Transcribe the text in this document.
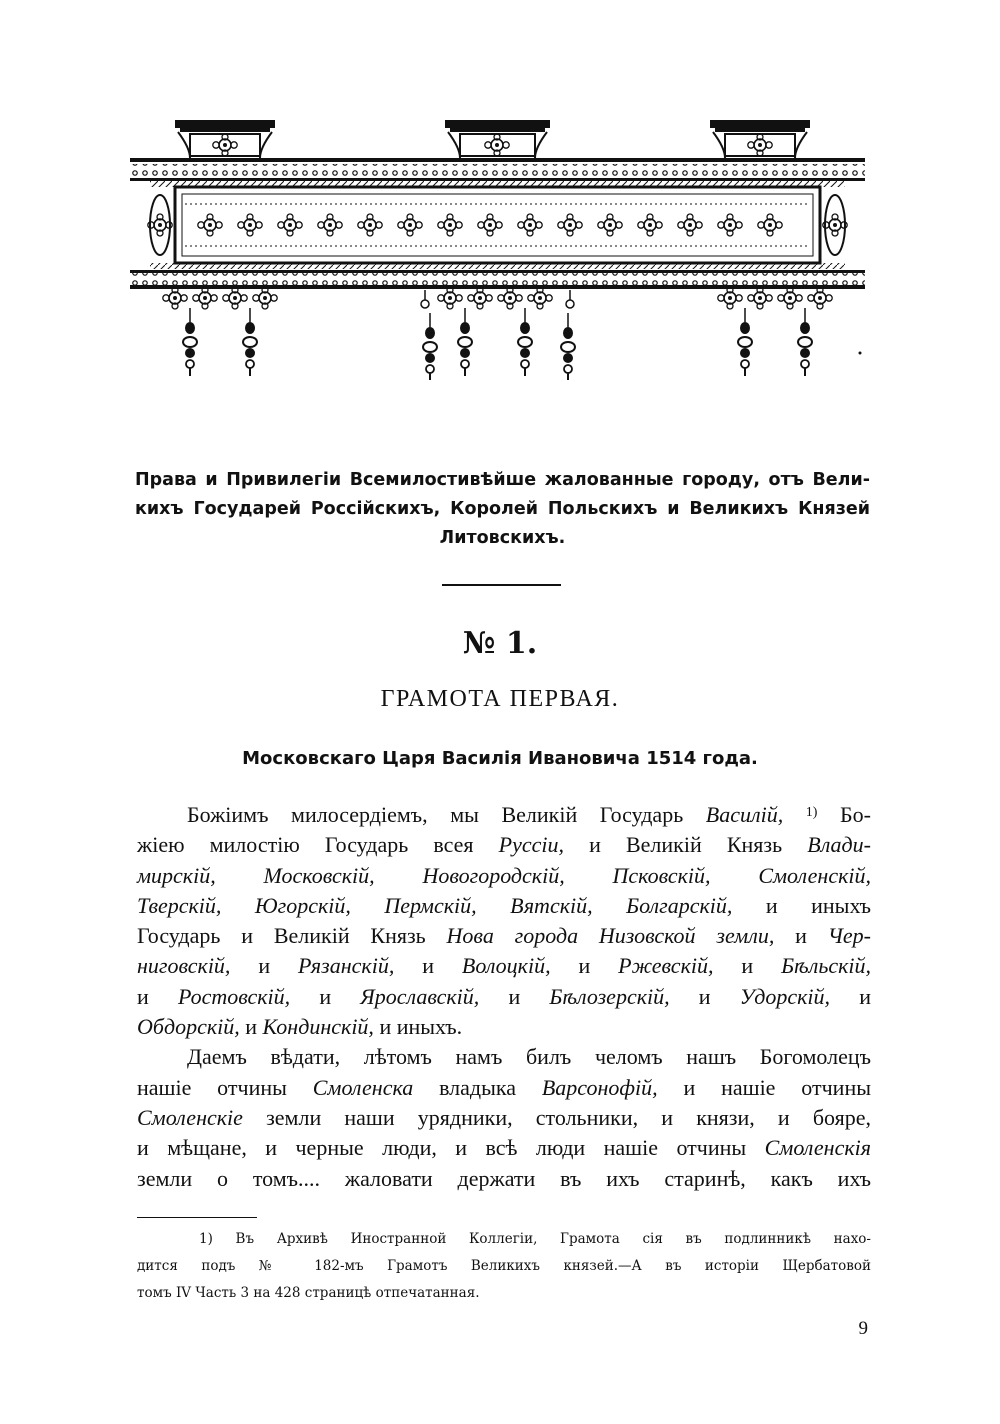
Права и Привилегіи Всемилостивѣйше жалованные городу, отъ Вели-
кихъ Государей Россійскихъ, Королей Польскихъ и Великихъ Князей
Литовскихъ.
№ 1.
ГРАМОТА ПЕРВАЯ.
Московскаго Царя Василія Ивановича 1514 года.
Божіимъ милосердіемъ, мы Великій Государь Василій, $^{1)}$ Бо-
жіею милостію Государь всея Руссіи, и Великій Князь Влади-
мирскій, Московскій, Новогородскій, Псковскій, Смоленскій,
Тверскій, Югорскій, Пермскій, Вятскій, Болгарскій, и иныхъ
Государь и Великій Князь Нова города Низовской земли, и Чер-
ниговскій, и Рязанскій, и Волоцкій, и Ржевскій, и Бѣльскій,
и Ростовскій, и Ярославскій, и Бѣлозерскій, и Удорскій, и
Обдорскій, и Кондинскій, и иныхъ.
Даемъ вѣдати, лѣтомъ намъ билъ челомъ нашъ Богомолецъ
нашіе отчины Смоленска владыка Варсонофій, и нашіе отчины
Смоленскіе земли наши урядники, стольники, и князи, и бояре,
и мѣщане, и черные люди, и всѣ люди нашіе отчины Смоленскія
земли о томъ.... жаловати держати въ ихъ старинѣ, какъ ихъ
1) Въ Архивѣ Иностранной Коллегіи, Грамота сія въ подлинникѣ нахо-
дится подъ № 182-мъ Грамотъ Великихъ князей.—А въ исторіи Щербатовой
томъ IV Часть 3 на 428 страницѣ отпечатанная.
9
